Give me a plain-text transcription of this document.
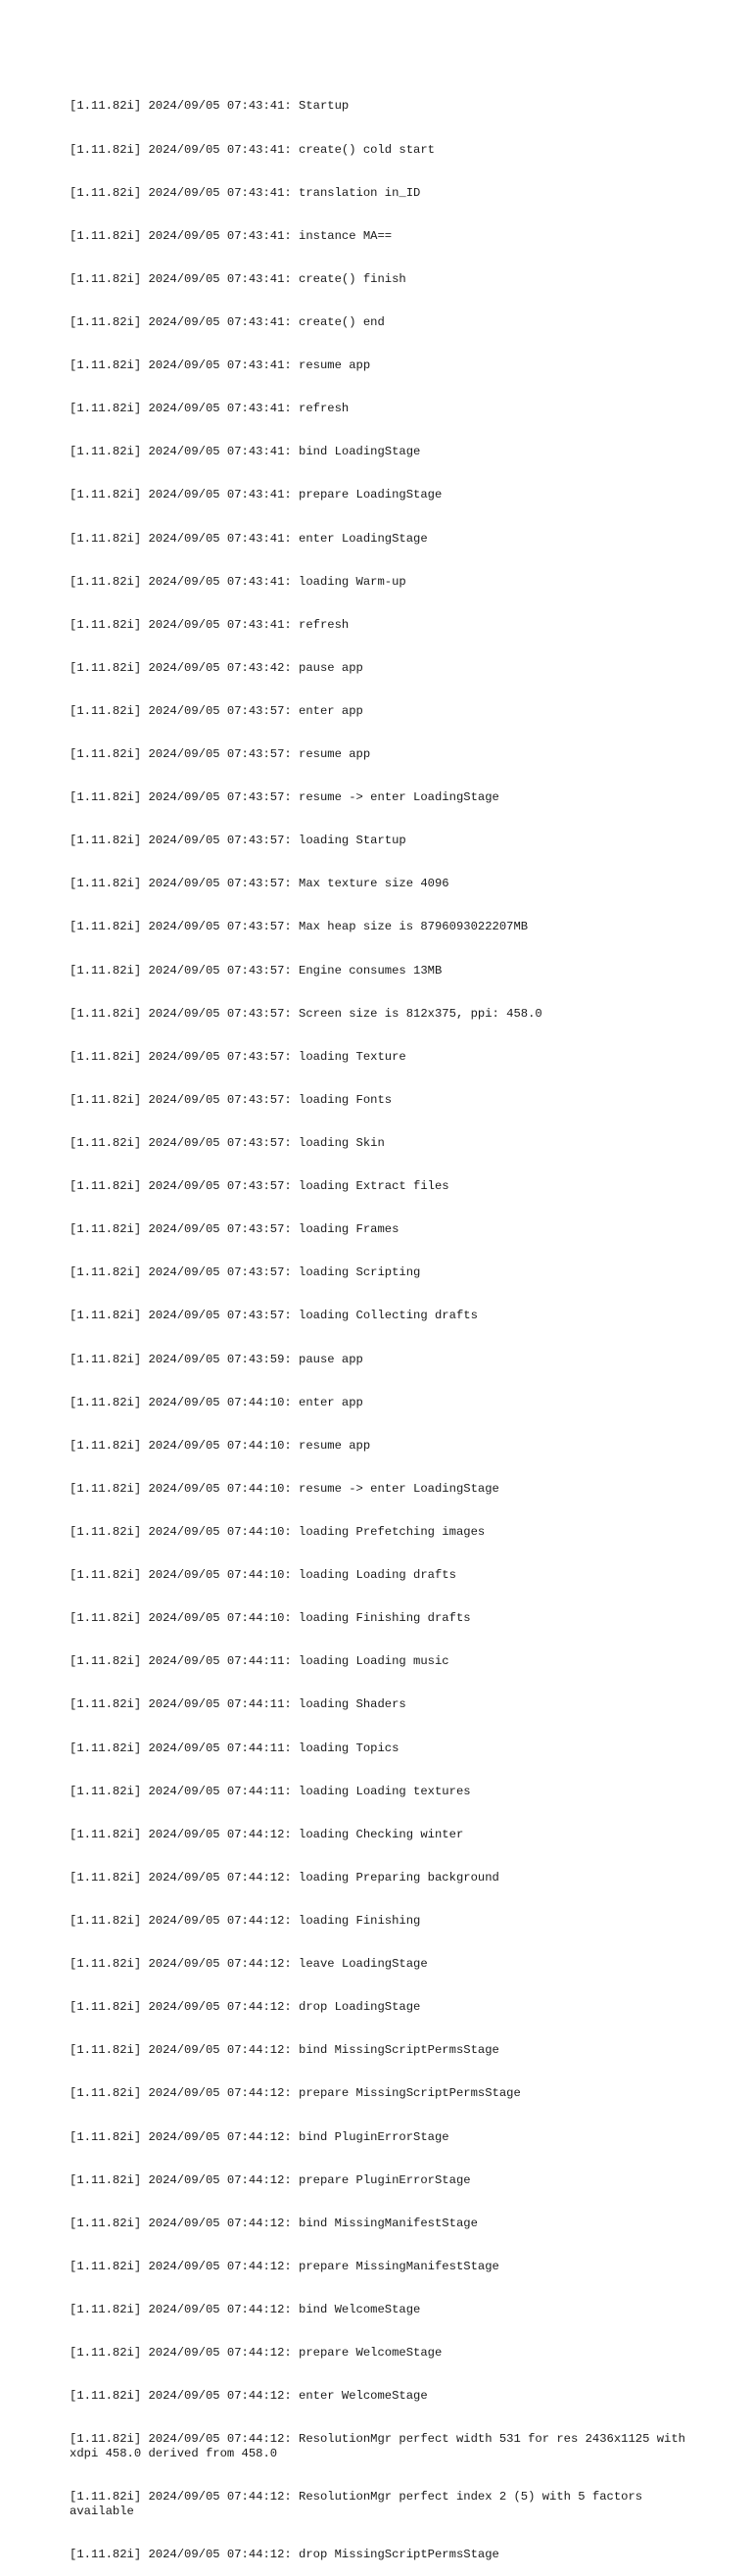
[1.11.82i] 2024/09/05 07:43:41: Startup

[1.11.82i] 2024/09/05 07:43:41: create() cold start

[1.11.82i] 2024/09/05 07:43:41: translation in_ID

[1.11.82i] 2024/09/05 07:43:41: instance MA==

[1.11.82i] 2024/09/05 07:43:41: create() finish

[1.11.82i] 2024/09/05 07:43:41: create() end

[1.11.82i] 2024/09/05 07:43:41: resume app

[1.11.82i] 2024/09/05 07:43:41: refresh

[1.11.82i] 2024/09/05 07:43:41: bind LoadingStage

[1.11.82i] 2024/09/05 07:43:41: prepare LoadingStage

[1.11.82i] 2024/09/05 07:43:41: enter LoadingStage

[1.11.82i] 2024/09/05 07:43:41: loading Warm-up

[1.11.82i] 2024/09/05 07:43:41: refresh

[1.11.82i] 2024/09/05 07:43:42: pause app

[1.11.82i] 2024/09/05 07:43:57: enter app

[1.11.82i] 2024/09/05 07:43:57: resume app

[1.11.82i] 2024/09/05 07:43:57: resume -> enter LoadingStage

[1.11.82i] 2024/09/05 07:43:57: loading Startup

[1.11.82i] 2024/09/05 07:43:57: Max texture size 4096

[1.11.82i] 2024/09/05 07:43:57: Max heap size is 8796093022207MB

[1.11.82i] 2024/09/05 07:43:57: Engine consumes 13MB

[1.11.82i] 2024/09/05 07:43:57: Screen size is 812x375, ppi: 458.0

[1.11.82i] 2024/09/05 07:43:57: loading Texture

[1.11.82i] 2024/09/05 07:43:57: loading Fonts

[1.11.82i] 2024/09/05 07:43:57: loading Skin

[1.11.82i] 2024/09/05 07:43:57: loading Extract files

[1.11.82i] 2024/09/05 07:43:57: loading Frames

[1.11.82i] 2024/09/05 07:43:57: loading Scripting

[1.11.82i] 2024/09/05 07:43:57: loading Collecting drafts

[1.11.82i] 2024/09/05 07:43:59: pause app

[1.11.82i] 2024/09/05 07:44:10: enter app

[1.11.82i] 2024/09/05 07:44:10: resume app

[1.11.82i] 2024/09/05 07:44:10: resume -> enter LoadingStage

[1.11.82i] 2024/09/05 07:44:10: loading Prefetching images

[1.11.82i] 2024/09/05 07:44:10: loading Loading drafts

[1.11.82i] 2024/09/05 07:44:10: loading Finishing drafts

[1.11.82i] 2024/09/05 07:44:11: loading Loading music

[1.11.82i] 2024/09/05 07:44:11: loading Shaders

[1.11.82i] 2024/09/05 07:44:11: loading Topics

[1.11.82i] 2024/09/05 07:44:11: loading Loading textures

[1.11.82i] 2024/09/05 07:44:12: loading Checking winter

[1.11.82i] 2024/09/05 07:44:12: loading Preparing background

[1.11.82i] 2024/09/05 07:44:12: loading Finishing

[1.11.82i] 2024/09/05 07:44:12: leave LoadingStage

[1.11.82i] 2024/09/05 07:44:12: drop LoadingStage

[1.11.82i] 2024/09/05 07:44:12: bind MissingScriptPermsStage

[1.11.82i] 2024/09/05 07:44:12: prepare MissingScriptPermsStage

[1.11.82i] 2024/09/05 07:44:12: bind PluginErrorStage

[1.11.82i] 2024/09/05 07:44:12: prepare PluginErrorStage

[1.11.82i] 2024/09/05 07:44:12: bind MissingManifestStage

[1.11.82i] 2024/09/05 07:44:12: prepare MissingManifestStage

[1.11.82i] 2024/09/05 07:44:12: bind WelcomeStage

[1.11.82i] 2024/09/05 07:44:12: prepare WelcomeStage

[1.11.82i] 2024/09/05 07:44:12: enter WelcomeStage

[1.11.82i] 2024/09/05 07:44:12: ResolutionMgr perfect width 531 for res 2436x1125 with xdpi 458.0 derived from 458.0

[1.11.82i] 2024/09/05 07:44:12: ResolutionMgr perfect index 2 (5) with 5 factors available

[1.11.82i] 2024/09/05 07:44:12: drop MissingScriptPermsStage
